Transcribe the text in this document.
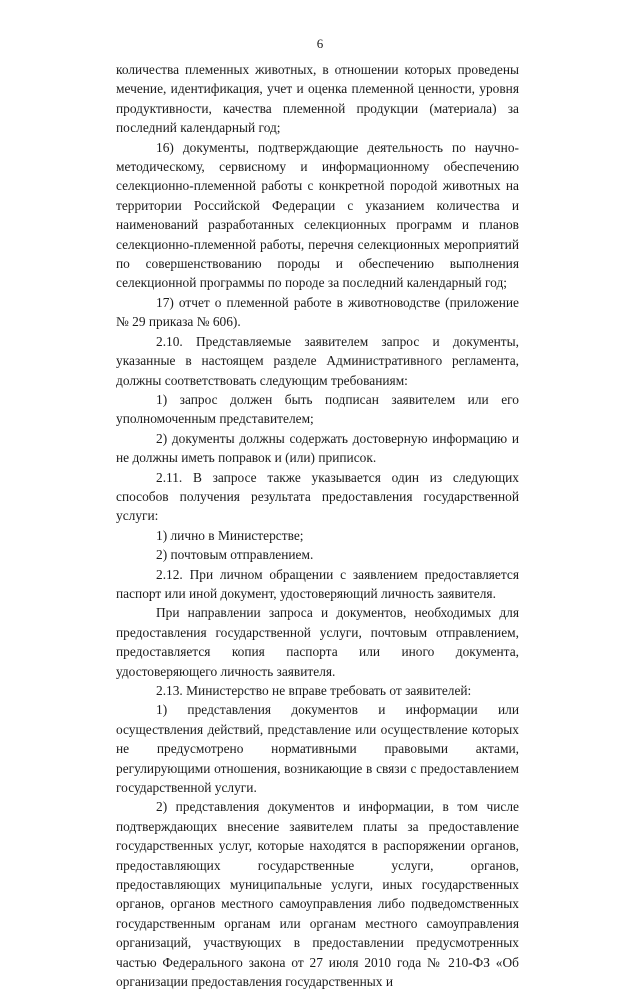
6

количества племенных животных, в отношении которых проведены мечение, идентификация, учет и оценка племенной ценности, уровня продуктивности, качества племенной продукции (материала) за последний календарный год;

16) документы, подтверждающие деятельность по научно-методическому, сервисному и информационному обеспечению селекционно-племенной работы с конкретной породой животных на территории Российской Федерации с указанием количества и наименований разработанных селекционных программ и планов селекционно-племенной работы, перечня селекционных мероприятий по совершенствованию породы и обеспечению выполнения селекционной программы по породе за последний календарный год;

17) отчет о племенной работе в животноводстве (приложение № 29 приказа № 606).

2.10. Представляемые заявителем запрос и документы, указанные в настоящем разделе Административного регламента, должны соответствовать следующим требованиям:

1) запрос должен быть подписан заявителем или его уполномоченным представителем;

2) документы должны содержать достоверную информацию и не должны иметь поправок и (или) приписок.

2.11. В запросе также указывается один из следующих способов получения результата предоставления государственной услуги:

1) лично в Министерстве;

2) почтовым отправлением.

2.12. При личном обращении с заявлением предоставляется паспорт или иной документ, удостоверяющий личность заявителя.

При направлении запроса и документов, необходимых для предоставления государственной услуги, почтовым отправлением, предоставляется копия паспорта или иного документа, удостоверяющего личность заявителя.

2.13. Министерство не вправе требовать от заявителей:

1) представления документов и информации или осуществления действий, представление или осуществление которых не предусмотрено нормативными правовыми актами, регулирующими отношения, возникающие в связи с предоставлением государственной услуги.

2) представления документов и информации, в том числе подтверждающих внесение заявителем платы за предоставление государственных услуг, которые находятся в распоряжении органов, предоставляющих государственные услуги, органов, предоставляющих муниципальные услуги, иных государственных органов, органов местного самоуправления либо подведомственных государственным органам или органам местного самоуправления организаций, участвующих в предоставлении предусмотренных частью Федерального закона от 27 июля 2010 года № 210-ФЗ «Об организации предоставления государственных и
